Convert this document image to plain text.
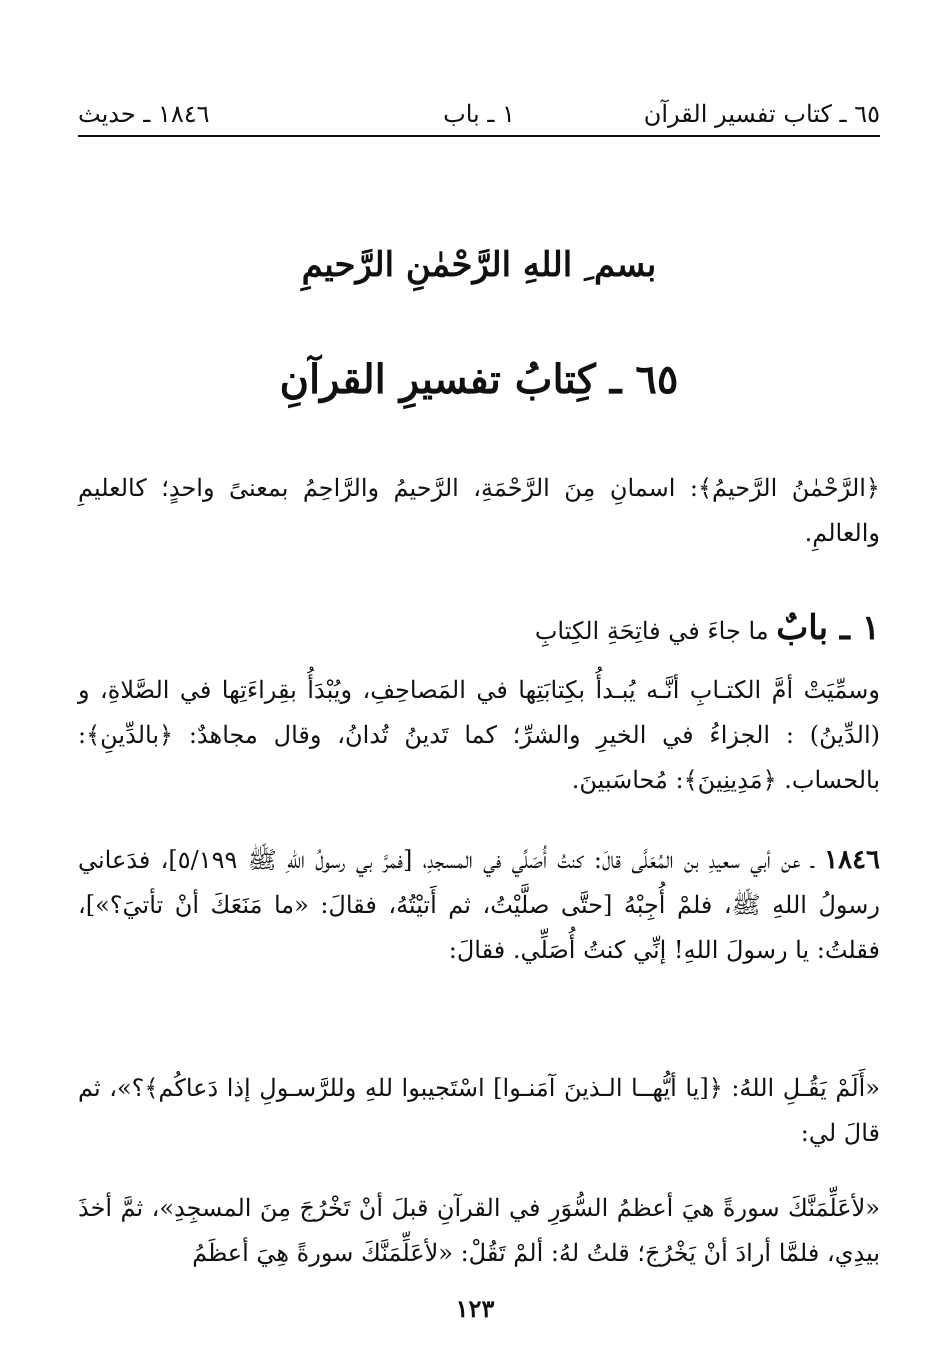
٦٥ ـ كتاب تفسير القرآن
١ ـ باب
١٨٤٦ ـ حديث
بسم ِ اللهِ الرَّحْمٰنِ الرَّحيمِ
٦٥ ـ كِتابُ تفسيرِ القرآنِ

﴿الرَّحْمٰنُ الرَّحيمُ﴾: اسمانِ مِنَ الرَّحْمَةِ، الرَّحيمُ والرَّاحِمُ بمعنىً واحدٍ؛ كالعليمِ والعالمِ.

١ ـ بابٌ ما جاءَ في فاتِحَةِ الكِتابِ

وسمِّيَتْ أمَّ الكتـابِ أنَّـه يُبـدأُ بكِتابَتِها في المَصاحِفِ، ويُبْدَأُ بقِراءَتِها في الصَّلاةِ، و (الدِّينُ) : الجزاءُ في الخيرِ والشرِّ؛ كما تَدينُ تُدانُ، وقال مجاهدٌ: ﴿بالدِّينِ﴾: بالحساب. ﴿مَدِينِينَ﴾: مُحاسَبينَ.

١٨٤٦ ـ عن أبي سعيدِ بن المُعَلَّى قالَ: كنتُ أُصَلِّي في المسجدِ، [فمرَّ بي رسولُ اللهِ ﷺ ٥/١٩٩]، فدَعاني رسولُ اللهِ ﷺ، فلمْ أُجِبْهُ [حتَّى صلَّيْتُ، ثم أَتيْتُهُ، فقالَ: «ما مَنَعَكَ أنْ تأتيَ؟»]، فقلتُ: يا رسولَ اللهِ! إنِّي كنتُ أُصَلِّي. فقالَ:

«أَلَمْ يَقُـلِ اللهُ: ﴿[يا أيُّهــا الـذينَ آمَنـوا] اسْتَجيبوا للهِ وللرَّسـولِ إذا دَعاكُم﴾؟»، ثم قالَ لي:

«لأعَلِّمَنَّكَ سورةً هيَ أعظمُ السُّوَرِ في القرآنِ قبلَ أنْ تَخْرُجَ مِنَ المسجِدِ»، ثمَّ أخذَ بيدِي، فلمَّا أرادَ أنْ يَخْرُجَ؛ قلتُ لهُ: ألمْ تَقُلْ: «لأعَلِّمَنَّكَ سورةً هِيَ أعظَمُ

١٢٣
